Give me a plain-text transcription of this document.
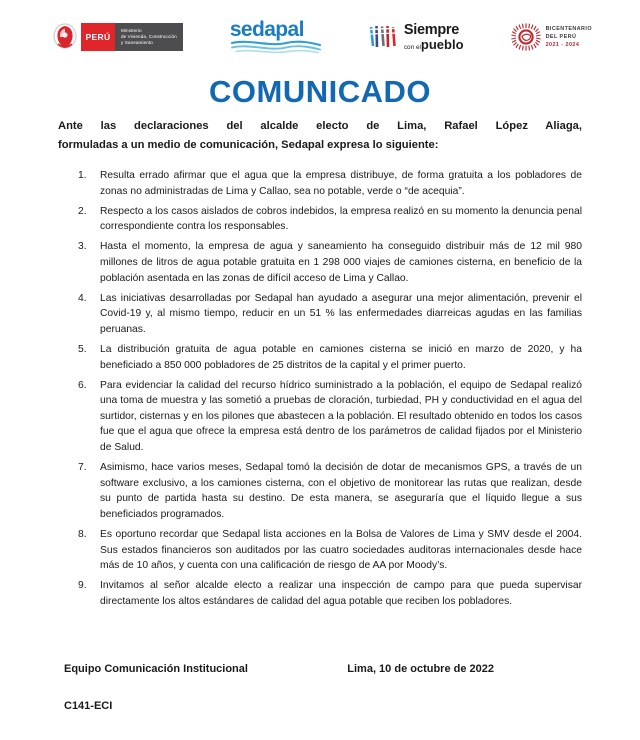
PERÚ
Ministerio
de Vivienda, Construcción
y Saneamiento
sedapal	Siempre
con elpueblo
BICENTENARIO
DEL PERÚ
2021 - 2024
COMUNICADO
Ante las declaraciones del alcalde electo de Lima, Rafael López Aliaga,
formuladas a un medio de comunicación, Sedapal expresa lo siguiente:
1.	Resulta errado afirmar que el agua que la empresa distribuye, de forma gratuita a los pobladores de zonas no administradas de Lima y Callao, sea no potable, verde o “de acequia”.
2.	Respecto a los casos aislados de cobros indebidos, la empresa realizó en su momento la denuncia penal correspondiente contra los responsables.
3.	Hasta el momento, la empresa de agua y saneamiento ha conseguido distribuir más de 12 mil 980 millones de litros de agua potable gratuita en 1 298 000 viajes de camiones cisterna, en beneficio de la población asentada en las zonas de difícil acceso de Lima y Callao.
4.	Las iniciativas desarrolladas por Sedapal han ayudado a asegurar una mejor alimentación, prevenir el Covid-19 y, al mismo tiempo, reducir en un 51 % las enfermedades diarreicas agudas en las familias peruanas.
5.	La distribución gratuita de agua potable en camiones cisterna se inició en marzo de 2020, y ha beneficiado a 850 000 pobladores de 25 distritos de la capital y el primer puerto.
6.	Para evidenciar la calidad del recurso hídrico suministrado a la población, el equipo de Sedapal realizó una toma de muestra y las sometió a pruebas de cloración, turbiedad, PH y conductividad en el agua del surtidor, cisternas y en los pilones que abastecen a la población. El resultado obtenido en todos los casos fue que el agua que ofrece la empresa está dentro de los parámetros de calidad fijados por el Ministerio de Salud.
7.	Asimismo, hace varios meses, Sedapal tomó la decisión de dotar de mecanismos GPS, a través de un software exclusivo, a los camiones cisterna, con el objetivo de monitorear las rutas que realizan, desde su punto de partida hasta su destino. De esta manera, se aseguraría que el líquido llegue a sus beneficiados programados.
8.	Es oportuno recordar que Sedapal lista acciones en la Bolsa de Valores de Lima y SMV desde el 2004. Sus estados financieros son auditados por las cuatro sociedades auditoras internacionales desde hace más de 10 años, y cuenta con una calificación de riesgo de AA por Moody’s.
9.	Invitamos al señor alcalde electo a realizar una inspección de campo para que pueda supervisar directamente los altos estándares de calidad del agua potable que reciben los pobladores.
Equipo Comunicación Institucional	Lima, 10 de octubre de 2022
C141-ECI
